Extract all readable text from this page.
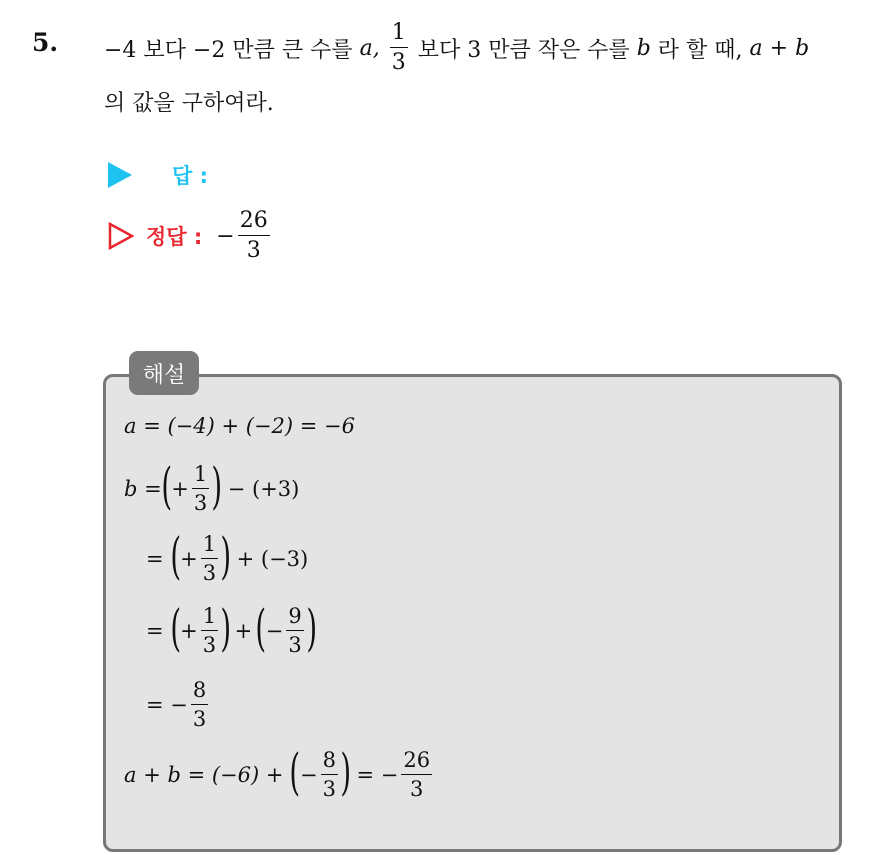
5. −4 보다 −2 만큼 큰 수를 a, $\frac{1}{3}$ 보다 3 만큼 작은 수를 b 라 할 때, a + b
의 값을 구하여라.
답 :
정답 : − $\frac{26}{3}$
해설
a = (−4) + (−2) = −6
b = ( + $\frac{1}{3}$ ) − (+3)
= ( + $\frac{1}{3}$ ) + (−3)
= ( + $\frac{1}{3}$ ) + ( − $\frac{9}{3}$ )
= − $\frac{8}{3}$
a + b = (−6) + ( − $\frac{8}{3}$ ) = − $\frac{26}{3}$
